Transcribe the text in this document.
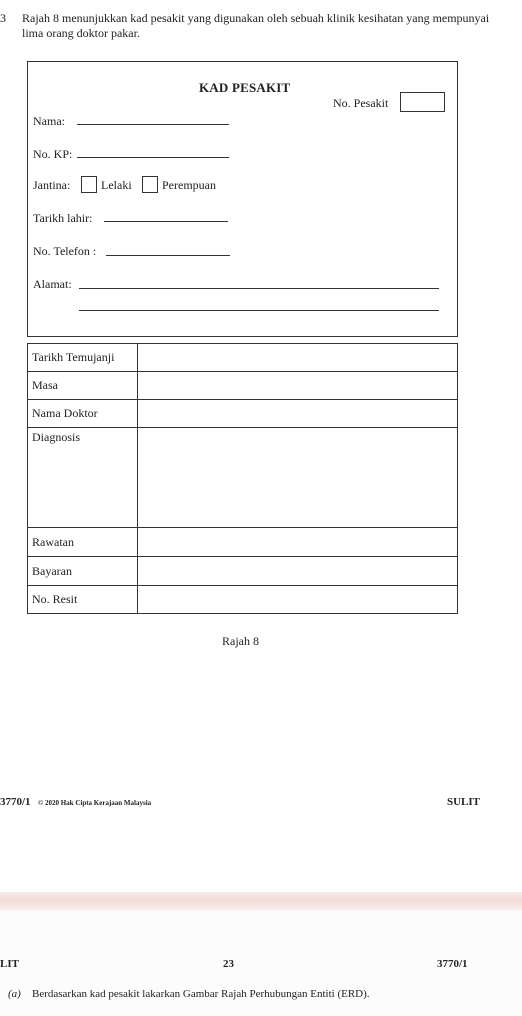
3 Rajah 8 menunjukkan kad pesakit yang digunakan oleh sebuah klinik kesihatan yang mempunyai lima orang doktor pakar.
KAD PESAKIT
No. Pesakit
Nama:
No. KP:
Jantina:	Lelaki	Perempuan
Tarikh lahir:
No. Telefon :
Alamat:
Tarikh Temujanji	
Masa	
Nama Doktor	
Diagnosis	
Rawatan	
Bayaran	
No. Resit	
Rajah 8
3770/1 © 2020 Hak Cipta Kerajaan Malaysia	SULIT
LIT	23	3770/1
(a) Berdasarkan kad pesakit lakarkan Gambar Rajah Perhubungan Entiti (ERD).
